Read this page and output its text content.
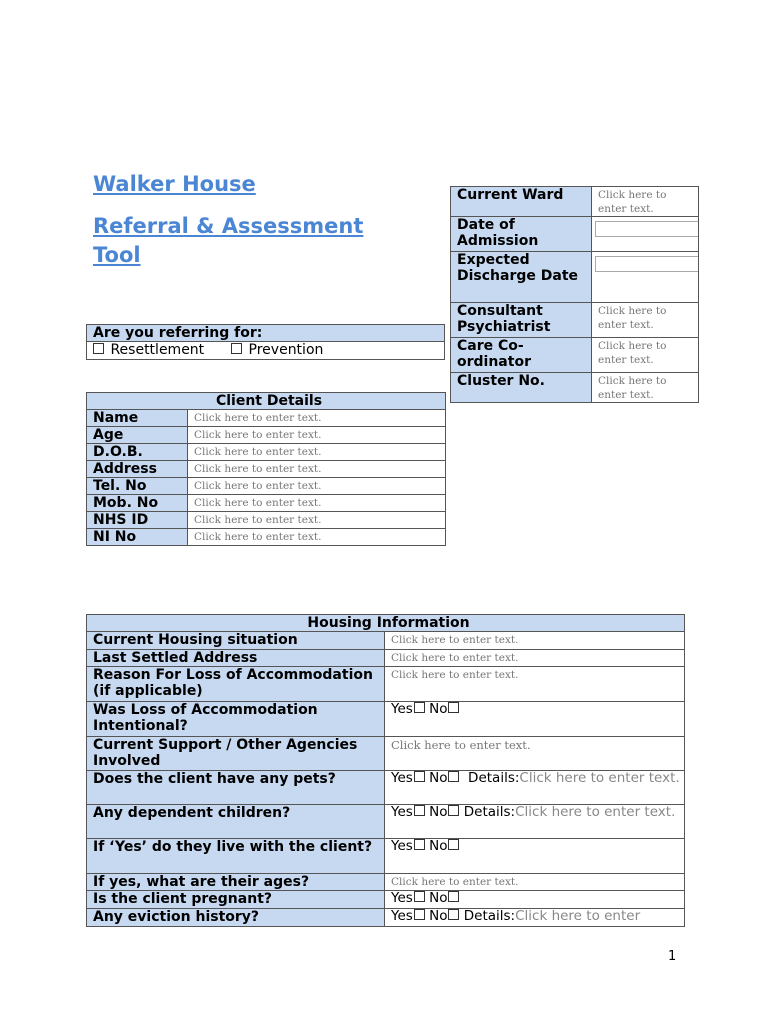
Walker House

Referral & Assessment

Tool

Current Ward	Click here to enter text.
Date of Admission	

Expected Discharge Date	

Consultant Psychiatrist	Click here to enter text.
Care Co-ordinator	Click here to enter text.
Cluster No.	Click here to enter text.
Are you referring for:
Resettlement	Prevention
Client Details	
Name	Click here to enter text.
Age	Click here to enter text.
D.O.B.	Click here to enter text.
Address	Click here to enter text.
Tel. No	Click here to enter text.
Mob. No	Click here to enter text.
NHS ID	Click here to enter text.
NI No	Click here to enter text.
Housing Information	
Current Housing situation	Click here to enter text.
Last Settled Address	Click here to enter text.
Reason For Loss of Accommodation (if applicable)	Click here to enter text.
Was Loss of Accommodation Intentional?	Yes No
Current Support / Other Agencies Involved	Click here to enter text.
Does the client have any pets?	Yes No Details:Click here to enter text.
Any dependent children?	Yes No Details:Click here to enter text.
If ‘Yes’ do they live with the client?	Yes No
If yes, what are their ages?	Click here to enter text.
Is the client pregnant?	Yes No
Any eviction history?	Yes No Details:Click here to enter
1
